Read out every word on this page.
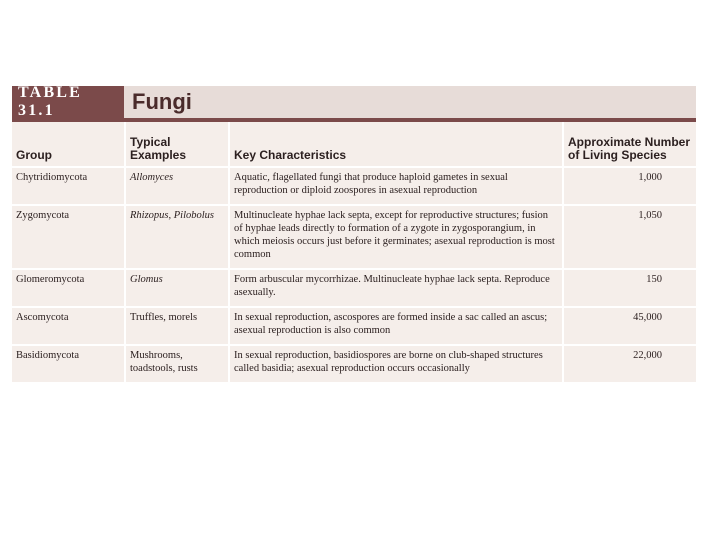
TABLE 31.1	Fungi
Group	Typical Examples	Key Characteristics	Approximate Number of Living Species
Chytridiomycota	Allomyces	Aquatic, flagellated fungi that produce haploid gametes in sexual reproduction or diploid zoospores in asexual reproduction	1,000
Zygomycota	Rhizopus, Pilobolus	Multinucleate hyphae lack septa, except for reproductive structures; fusion of hyphae leads directly to formation of a zygote in zygosporangium, in which meiosis occurs just before it germinates; asexual reproduction is most common	1,050
Glomeromycota	Glomus	Form arbuscular mycorrhizae. Multinucleate hyphae lack septa. Reproduce asexually.	150
Ascomycota	Truffles, morels	In sexual reproduction, ascospores are formed inside a sac called an ascus; asexual reproduction is also common	45,000
Basidiomycota	Mushrooms, toadstools, rusts	In sexual reproduction, basidiospores are borne on club-shaped structures called basidia; asexual reproduction occurs occasionally	22,000
